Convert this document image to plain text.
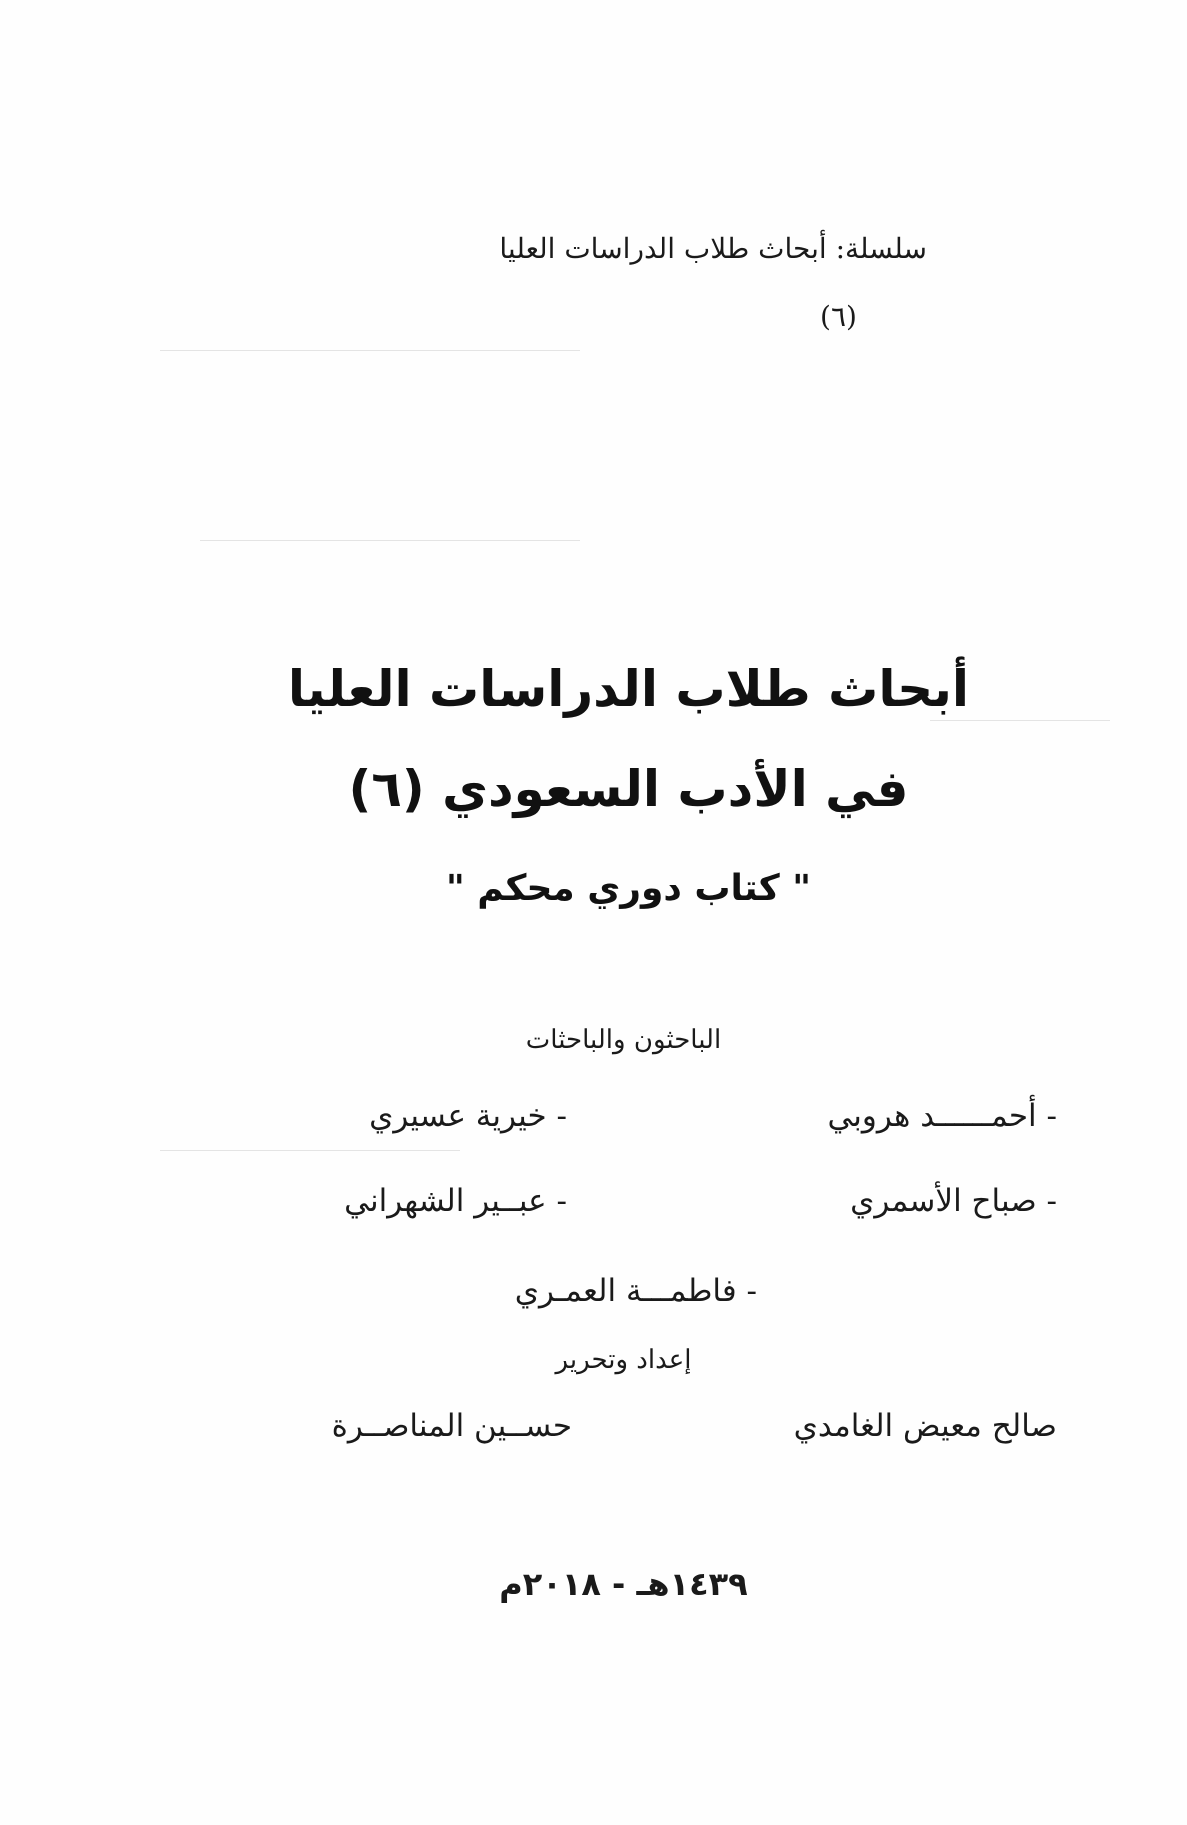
سلسلة: أبحاث طلاب الدراسات العليا
(٦)
أبحاث طلاب الدراسات العليا
في الأدب السعودي (٦)
" كتاب دوري محكم "
الباحثون والباحثات
- أحمــــــد هروبي
- خيرية عسيري
- صباح الأسمري
- عبــير الشهراني
- فاطمـــة العمـري
إعداد وتحرير
صالح معيض الغامدي
حســين المناصــرة
١٤٣٩هـ - ٢٠١٨م
